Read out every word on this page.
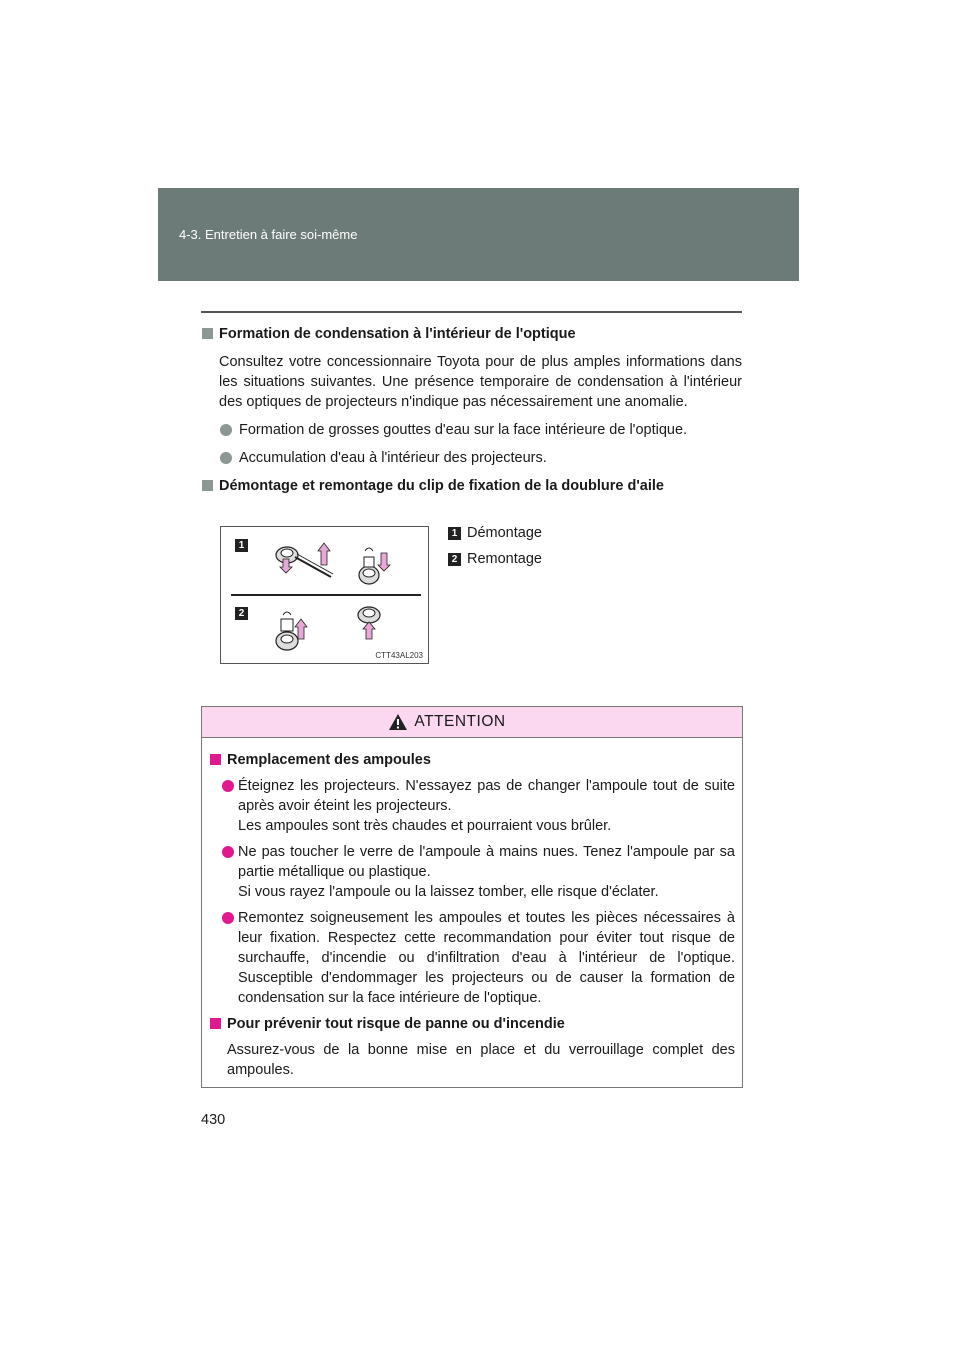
4-3. Entretien à faire soi-même
Formation de condensation à l'intérieur de l'optique
Consultez votre concessionnaire Toyota pour de plus amples informations dans les situations suivantes. Une présence temporaire de condensation à l'intérieur des optiques de projecteurs n'indique pas nécessairement une anomalie.
Formation de grosses gouttes d'eau sur la face intérieure de l'optique.
Accumulation d'eau à l'intérieur des projecteurs.
Démontage et remontage du clip de fixation de la doublure d'aile
1
2
CTT43AL203
1 Démontage
2 Remontage
ATTENTION
Remplacement des ampoules
Éteignez les projecteurs. N'essayez pas de changer l'ampoule tout de suite après avoir éteint les projecteurs.
Les ampoules sont très chaudes et pourraient vous brûler.
Ne pas toucher le verre de l'ampoule à mains nues. Tenez l'ampoule par sa partie métallique ou plastique.
Si vous rayez l'ampoule ou la laissez tomber, elle risque d'éclater.
Remontez soigneusement les ampoules et toutes les pièces nécessaires à leur fixation. Respectez cette recommandation pour éviter tout risque de surchauffe, d'incendie ou d'infiltration d'eau à l'intérieur de l'optique. Susceptible d'endommager les projecteurs ou de causer la formation de condensation sur la face intérieure de l'optique.
Pour prévenir tout risque de panne ou d'incendie
Assurez-vous de la bonne mise en place et du verrouillage complet des ampoules.
430
